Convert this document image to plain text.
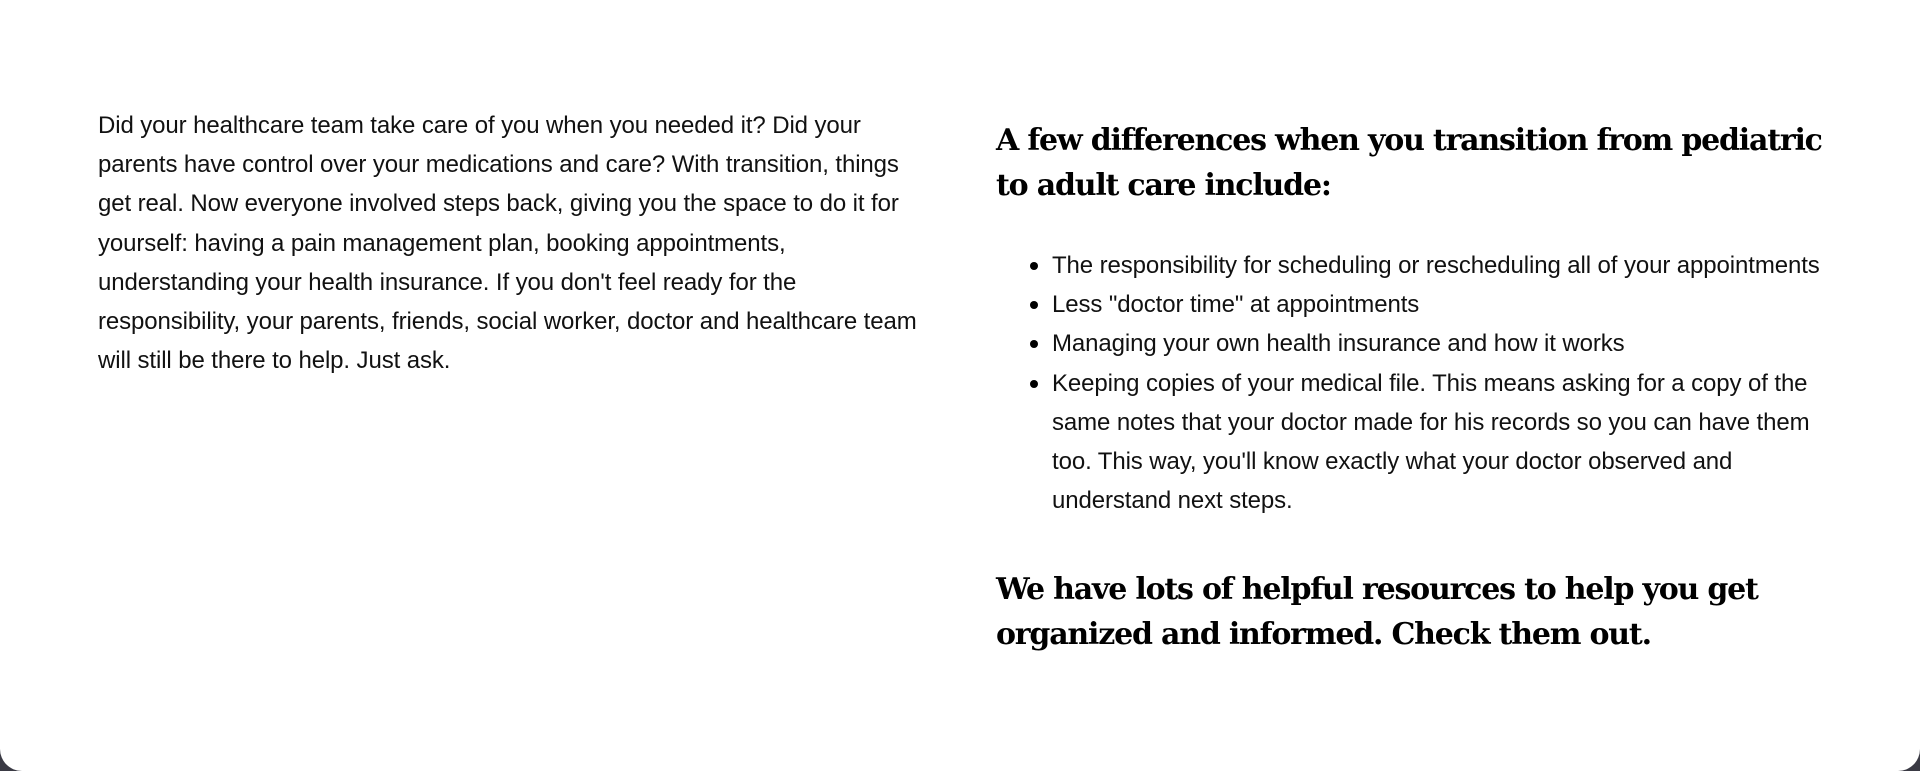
Did your healthcare team take care of you when you needed it? Did your parents have control over your medications and care? With transition, things get real. Now everyone involved steps back, giving you the space to do it for yourself: having a pain management plan, booking appointments, understanding your health insurance. If you don't feel ready for the responsibility, your parents, friends, social worker, doctor and healthcare team will still be there to help. Just ask.

A few differences when you transition from pediatric to adult care include:
The responsibility for scheduling or rescheduling all of your appointments
Less "doctor time" at appointments
Managing your own health insurance and how it works
Keeping copies of your medical file. This means asking for a copy of the same notes that your doctor made for his records so you can have them too. This way, you'll know exactly what your doctor observed and understand next steps.
We have lots of helpful resources to help you get organized and informed. Check them out.
